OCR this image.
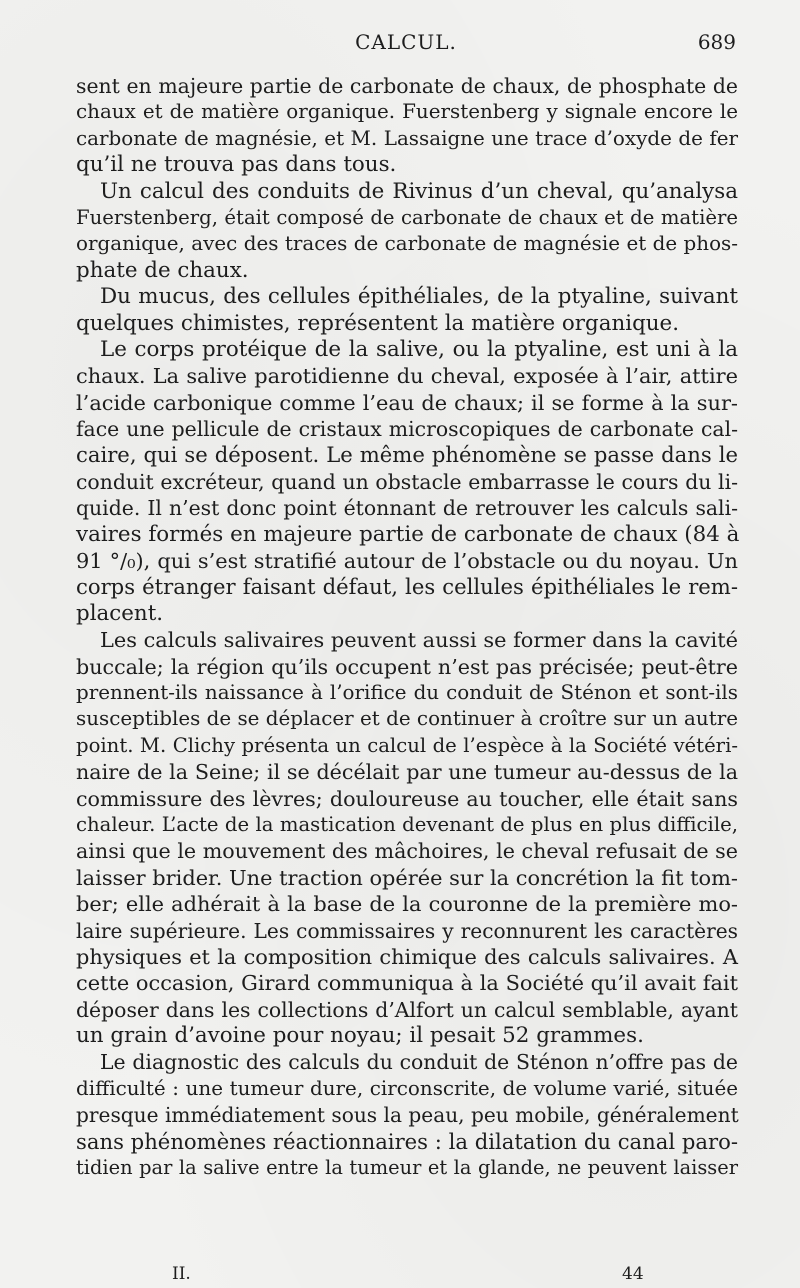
CALCUL.	689
sent en majeure partie de carbonate de chaux, de phosphate de
chaux et de matière organique. Fuerstenberg y signale encore le
carbonate de magnésie, et M. Lassaigne une trace d’oxyde de fer
qu’il ne trouva pas dans tous.
Un calcul des conduits de Rivinus d’un cheval, qu’analysa
Fuerstenberg, était composé de carbonate de chaux et de matière
organique, avec des traces de carbonate de magnésie et de phos-
phate de chaux.
Du mucus, des cellules épithéliales, de la ptyaline, suivant
quelques chimistes, représentent la matière organique.
Le corps protéique de la salive, ou la ptyaline, est uni à la
chaux. La salive parotidienne du cheval, exposée à l’air, attire
l’acide carbonique comme l’eau de chaux; il se forme à la sur-
face une pellicule de cristaux microscopiques de carbonate cal-
caire, qui se déposent. Le même phénomène se passe dans le
conduit excréteur, quand un obstacle embarrasse le cours du li-
quide. Il n’est donc point étonnant de retrouver les calculs sali-
vaires formés en majeure partie de carbonate de chaux (84 à
91 °/₀), qui s’est stratifié autour de l’obstacle ou du noyau. Un
corps étranger faisant défaut, les cellules épithéliales le rem-
placent.
Les calculs salivaires peuvent aussi se former dans la cavité
buccale; la région qu’ils occupent n’est pas précisée; peut-être
prennent-ils naissance à l’orifice du conduit de Sténon et sont-ils
susceptibles de se déplacer et de continuer à croître sur un autre
point. M. Clichy présenta un calcul de l’espèce à la Société vétéri-
naire de la Seine; il se décélait par une tumeur au-dessus de la
commissure des lèvres; douloureuse au toucher, elle était sans
chaleur. L’acte de la mastication devenant de plus en plus difficile,
ainsi que le mouvement des mâchoires, le cheval refusait de se
laisser brider. Une traction opérée sur la concrétion la fit tom-
ber; elle adhérait à la base de la couronne de la première mo-
laire supérieure. Les commissaires y reconnurent les caractères
physiques et la composition chimique des calculs salivaires. A
cette occasion, Girard communiqua à la Société qu’il avait fait
déposer dans les collections d’Alfort un calcul semblable, ayant
un grain d’avoine pour noyau; il pesait 52 grammes.
Le diagnostic des calculs du conduit de Sténon n’offre pas de
difficulté : une tumeur dure, circonscrite, de volume varié, située
presque immédiatement sous la peau, peu mobile, généralement
sans phénomènes réactionnaires : la dilatation du canal paro-
tidien par la salive entre la tumeur et la glande, ne peuvent laisser
II.	44
